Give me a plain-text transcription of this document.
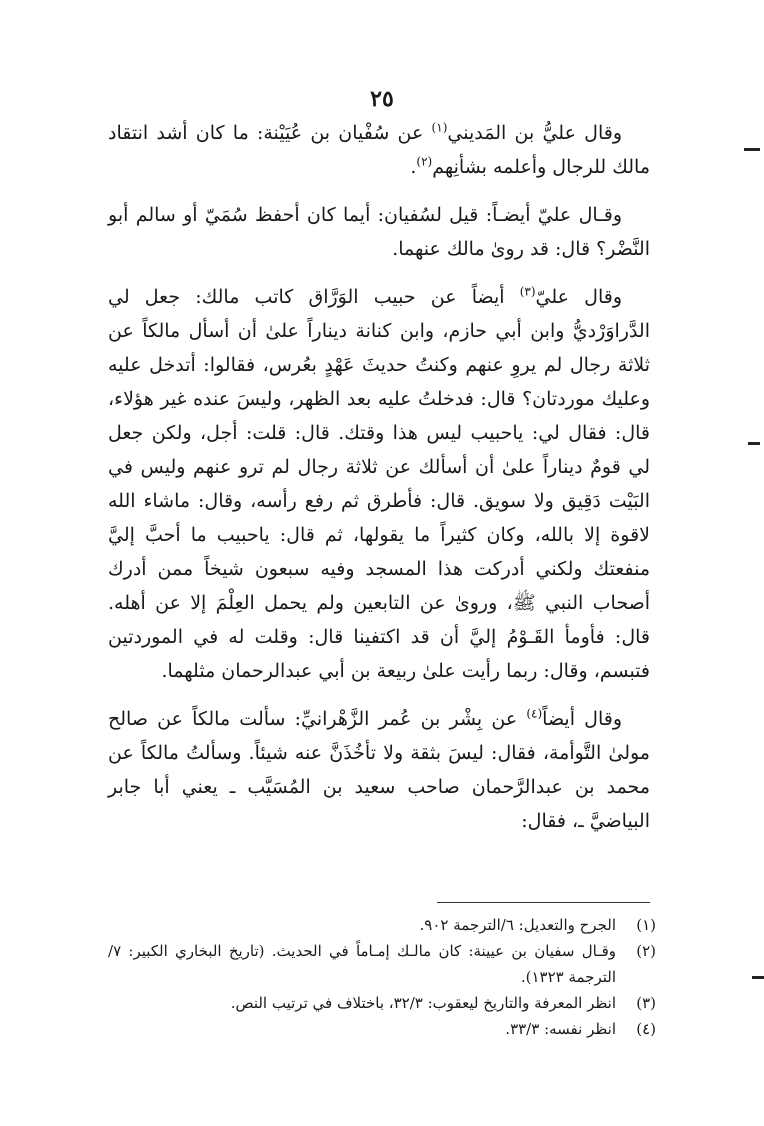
٢٥

وقال عليُّ بن المَديني$^{(١)}$ عن سُفْيان بن عُيَيْنة: ما كان أشد انتقاد مالك للرجال وأعلمه بشأنِهم$^{(٢)}$.

وقـال عليّ أيضـاً: قيل لسُفيان: أيما كان أحفظ سُمَيّ أو سالم أبو النَّضْر؟ قال: قد روىٰ مالك عنهما.

وقال عليّ$^{(٣)}$ أيضاً عن حبيب الوَرَّاق كاتب مالك: جعل لي الدَّراوَرْديُّ وابن أبي حازم، وابن كنانة ديناراً علىٰ أن أسأل مالكاً عن ثلاثة رجال لم يروِ عنهم وكنتُ حديثَ عَهْدٍ بعُرس، فقالوا: أتدخل عليه وعليك موردتان؟ قال: فدخلتُ عليه بعد الظهر، وليسَ عنده غير هؤلاء، قال: فقال لي: ياحبيب ليس هذا وقتك. قال: قلت: أجل، ولكن جعل لي قومٌ ديناراً علىٰ أن أسألك عن ثلاثة رجال لم ترو عنهم وليس في البَيْت دَقِيق ولا سويق. قال: فأطرق ثم رفع رأسه، وقال: ماشاء الله لاقوة إلا بالله، وكان كثيراً ما يقولها، ثم قال: ياحبيب ما أحبَّ إليَّ منفعتك ولكني أدركت هذا المسجد وفيه سبعون شيخاً ممن أدرك أصحاب النبي ﷺ، وروىٰ عن التابعين ولم يحمل العِلْمَ إلا عن أهله. قال: فأومأ القَـوْمُ إليَّ أن قد اكتفينا قال: وقلت له في الموردتين فتبسم، وقال: ربما رأيت علىٰ ربيعة بن أبي عبدالرحمان مثلهما.

وقال أيضاً$^{(٤)}$ عن بِشْر بن عُمر الزَّهْرانيِّ: سألت مالكاً عن صالح مولىٰ التَّوأمة، فقال: ليسَ بثقة ولا تأخُذَنَّ عنه شيئاً. وسألتُ مالكاً عن محمد بن عبدالرَّحمان صاحب سعيد بن المُسَيَّب ـ يعني أبا جابر البياضيَّ ـ، فقال:

(١)
الجرح والتعديل: ٦/الترجمة ٩٠٢.
(٢)
وقـال سفيان بن عيينة: كان مالـك إمـاماً في الحديث. (تاريخ البخاري الكبير: ٧/الترجمة ١٣٢٣).
(٣)
انظر المعرفة والتاريخ ليعقوب: ٣٢/٣، باختلاف في ترتيب النص.
(٤)
انظر نفسه: ٣٣/٣.
